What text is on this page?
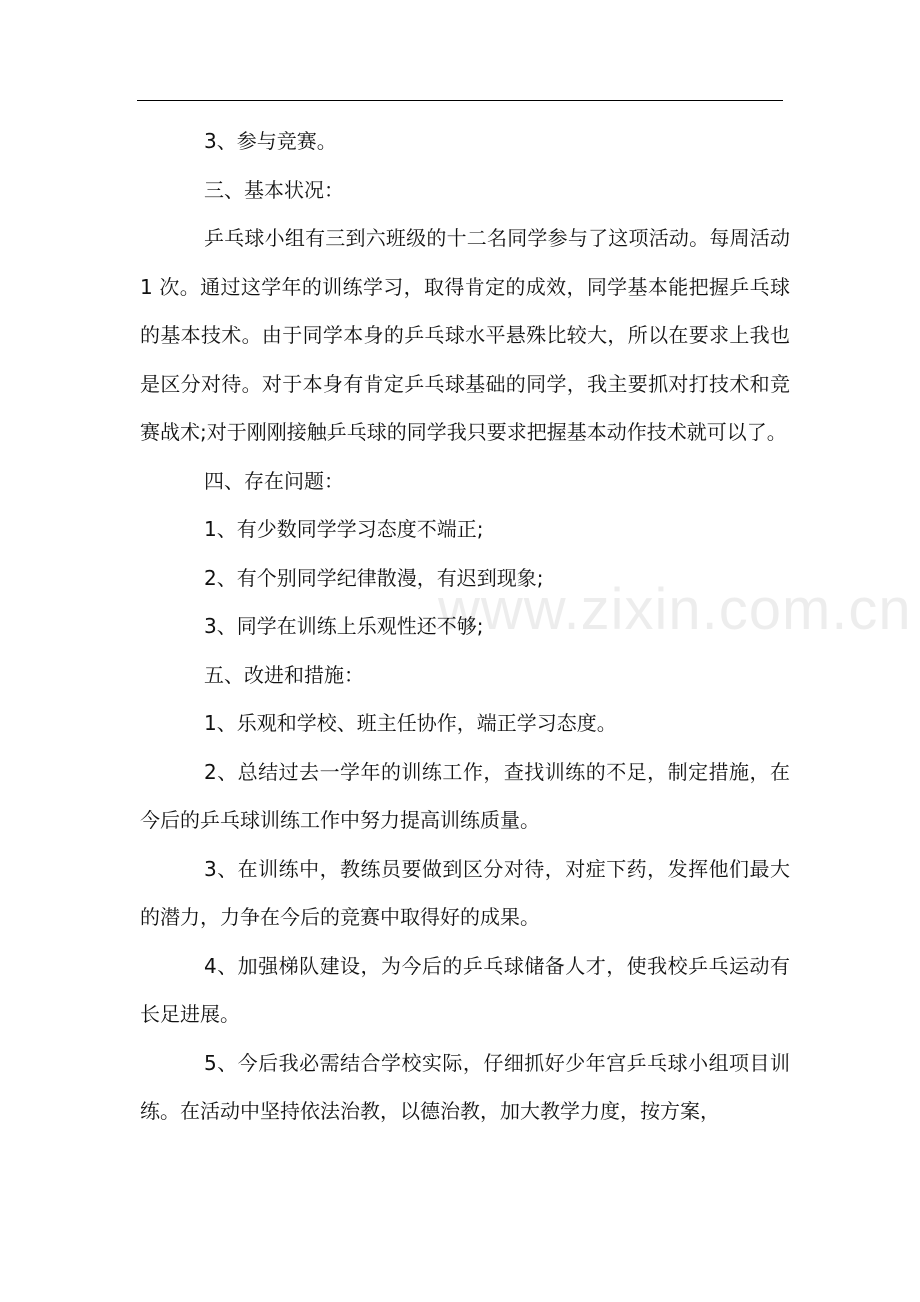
www.zixin.com.cn

3、参与竞赛。

三、基本状况：

乒乓球小组有三到六班级的十二名同学参与了这项活动。每周活动 1 次。通过这学年的训练学习，取得肯定的成效，同学基本能把握乒乓球的基本技术。由于同学本身的乒乓球水平悬殊比较大，所以在要求上我也是区分对待。对于本身有肯定乒乓球基础的同学，我主要抓对打技术和竞赛战术;对于刚刚接触乒乓球的同学我只要求把握基本动作技术就可以了。

四、存在问题：

1、有少数同学学习态度不端正;

2、有个别同学纪律散漫，有迟到现象;

3、同学在训练上乐观性还不够;

五、改进和措施：

1、乐观和学校、班主任协作，端正学习态度。

2、总结过去一学年的训练工作，查找训练的不足，制定措施，在今后的乒乓球训练工作中努力提高训练质量。

3、在训练中，教练员要做到区分对待，对症下药，发挥他们最大的潜力，力争在今后的竞赛中取得好的成果。

4、加强梯队建设，为今后的乒乓球储备人才，使我校乒乓运动有长足进展。

5、今后我必需结合学校实际，仔细抓好少年宫乒乓球小组项目训练。在活动中坚持依法治教，以德治教，加大教学力度，按方案，
